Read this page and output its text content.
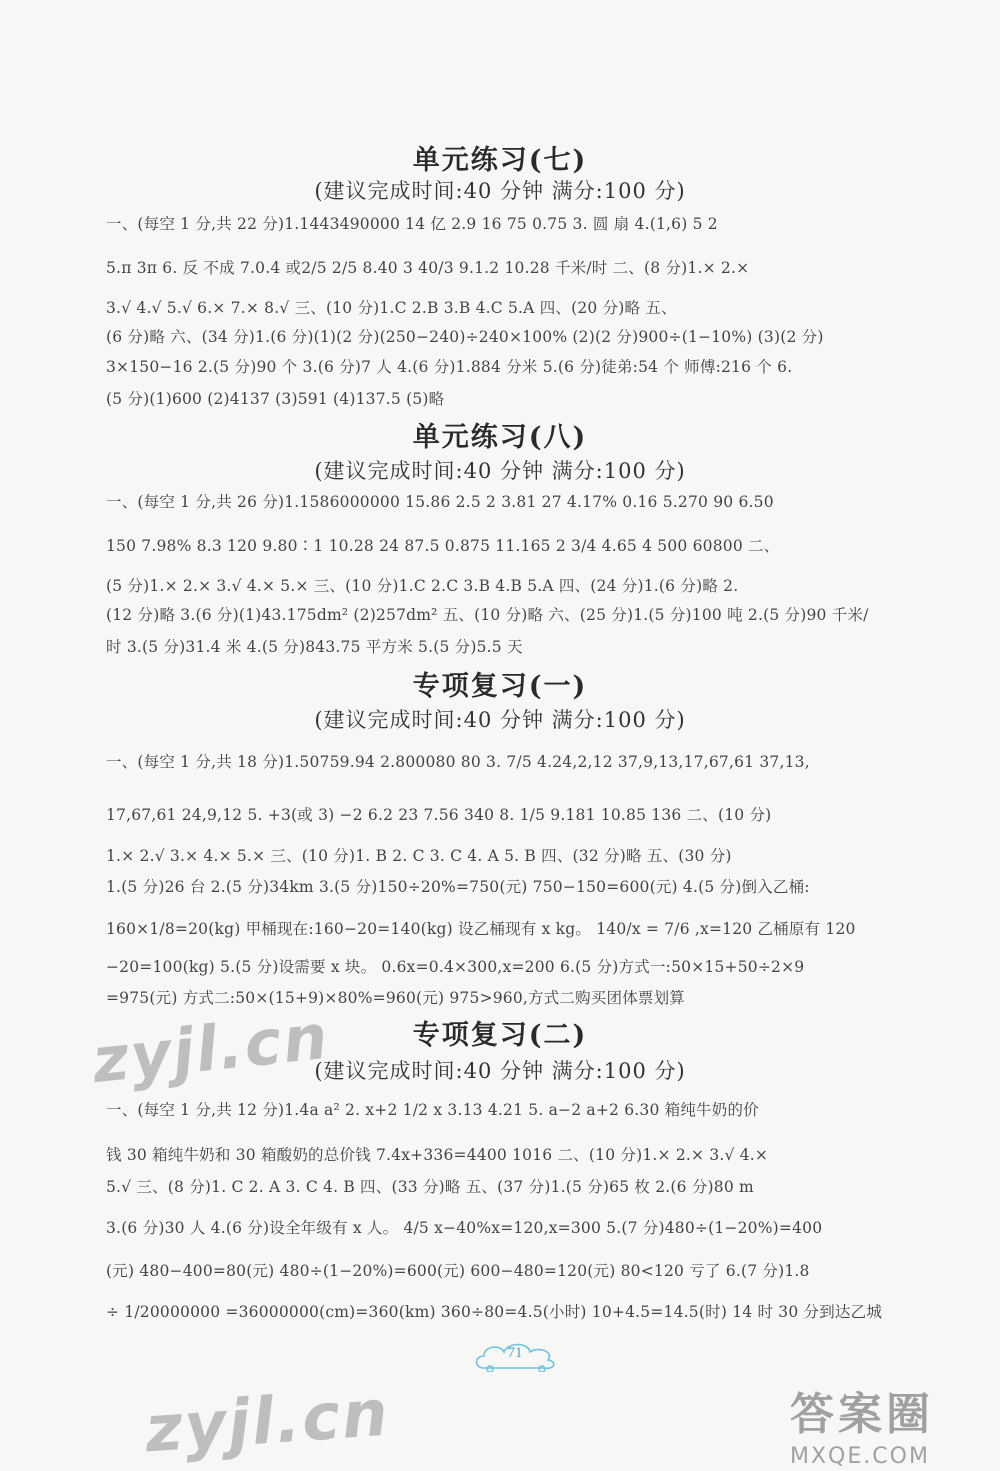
单元练习(七)
(建议完成时间:40 分钟 满分:100 分)
一、(每空 1 分,共 22 分)1.1443490000 14 亿 2.9 16 75 0.75 3. 圆 扇 4.(1,6) 5 2
5.π 3π 6. 反 不成 7.0.4 或2/5 2/5 8.40 3 40/3 9.1.2 10.28 千米/时 二、(8 分)1.× 2.×
3.√ 4.√ 5.√ 6.× 7.× 8.√ 三、(10 分)1.C 2.B 3.B 4.C 5.A 四、(20 分)略 五、
(6 分)略 六、(34 分)1.(6 分)(1)(2 分)(250−240)÷240×100% (2)(2 分)900÷(1−10%) (3)(2 分)
3×150−16 2.(5 分)90 个 3.(6 分)7 人 4.(6 分)1.884 分米 5.(6 分)徒弟:54 个 师傅:216 个 6.
(5 分)(1)600 (2)4137 (3)591 (4)137.5 (5)略
单元练习(八)
(建议完成时间:40 分钟 满分:100 分)
一、(每空 1 分,共 26 分)1.1586000000 15.86 2.5 2 3.81 27 4.17% 0.16 5.270 90 6.50
150 7.98% 8.3 120 9.80∶1 10.28 24 87.5 0.875 11.165 2 3/4 4.65 4 500 60800 二、
(5 分)1.× 2.× 3.√ 4.× 5.× 三、(10 分)1.C 2.C 3.B 4.B 5.A 四、(24 分)1.(6 分)略 2.
(12 分)略 3.(6 分)(1)43.175dm² (2)257dm² 五、(10 分)略 六、(25 分)1.(5 分)100 吨 2.(5 分)90 千米/
时 3.(5 分)31.4 米 4.(5 分)843.75 平方米 5.(5 分)5.5 天
专项复习(一)
(建议完成时间:40 分钟 满分:100 分)
一、(每空 1 分,共 18 分)1.50759.94 2.800080 80 3. 7/5 4.24,2,12 37,9,13,17,67,61 37,13,
17,67,61 24,9,12 5. +3(或 3) −2 6.2 23 7.56 340 8. 1/5 9.181 10.85 136 二、(10 分)
1.× 2.√ 3.× 4.× 5.× 三、(10 分)1. B 2. C 3. C 4. A 5. B 四、(32 分)略 五、(30 分)
1.(5 分)26 台 2.(5 分)34km 3.(5 分)150÷20%=750(元) 750−150=600(元) 4.(5 分)倒入乙桶:
160×1/8=20(kg) 甲桶现在:160−20=140(kg) 设乙桶现有 x kg。 140/x = 7/6 ,x=120 乙桶原有 120
−20=100(kg) 5.(5 分)设需要 x 块。 0.6x=0.4×300,x=200 6.(5 分)方式一:50×15+50÷2×9
=975(元) 方式二:50×(15+9)×80%=960(元) 975>960,方式二购买团体票划算
专项复习(二)
(建议完成时间:40 分钟 满分:100 分)
一、(每空 1 分,共 12 分)1.4a a² 2. x+2 1/2 x 3.13 4.21 5. a−2 a+2 6.30 箱纯牛奶的价
钱 30 箱纯牛奶和 30 箱酸奶的总价钱 7.4x+336=4400 1016 二、(10 分)1.× 2.× 3.√ 4.×
5.√ 三、(8 分)1. C 2. A 3. C 4. B 四、(33 分)略 五、(37 分)1.(5 分)65 枚 2.(6 分)80 m
3.(6 分)30 人 4.(6 分)设全年级有 x 人。 4/5 x−40%x=120,x=300 5.(7 分)480÷(1−20%)=400
(元) 480−400=80(元) 480÷(1−20%)=600(元) 600−480=120(元) 80<120 亏了 6.(7 分)1.8
÷ 1/20000000 =36000000(cm)=360(km) 360÷80=4.5(小时) 10+4.5=14.5(时) 14 时 30 分到达乙城
zyjl.cn
zyjl.cn
71
答案圈
MXQE.COM
